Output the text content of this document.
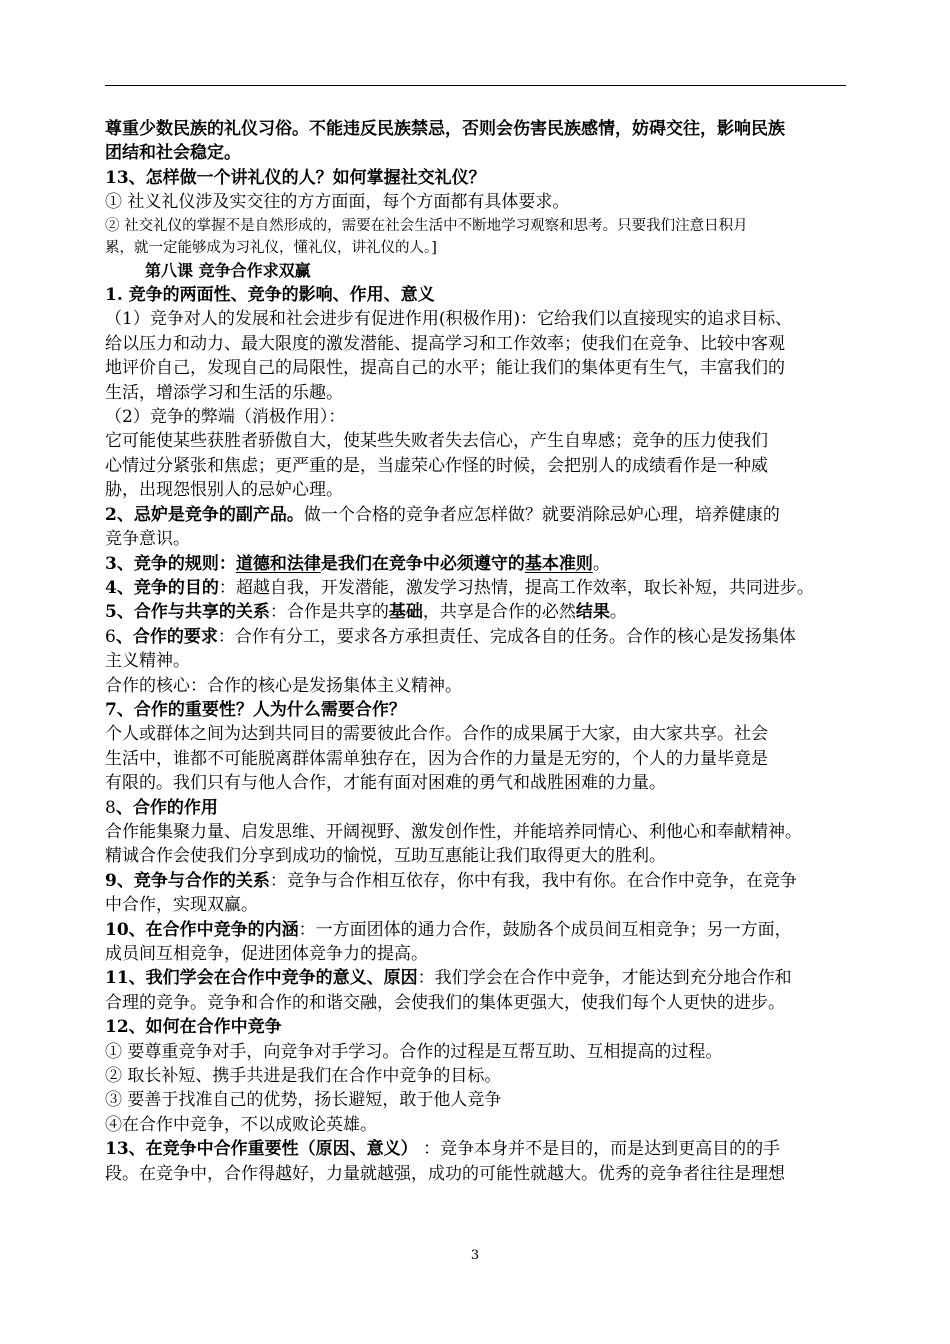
尊重少数民族的礼仪习俗。不能违反民族禁忌，否则会伤害民族感情，妨碍交往，影响民族
团结和社会稳定。
13、怎样做一个讲礼仪的人？如何掌握社交礼仪？
① 社义礼仪涉及实交往的方方面面，每个方面都有具体要求。
② 社交礼仪的掌握不是自然形成的，需要在社会生活中不断地学习观察和思考。只要我们注意日积月
累，就一定能够成为习礼仪，懂礼仪，讲礼仪的人。]
第八课 竞争合作求双赢
1. 竞争的两面性、竞争的影响、作用、意义
（1）竞争对人的发展和社会进步有促进作用(积极作用)：它给我们以直接现实的追求目标、
给以压力和动力、最大限度的激发潜能、提高学习和工作效率；使我们在竞争、比较中客观
地评价自己，发现自己的局限性，提高自己的水平；能让我们的集体更有生气，丰富我们的
生活，增添学习和生活的乐趣。
（2）竞争的弊端（消极作用）：
它可能使某些获胜者骄傲自大，使某些失败者失去信心，产生自卑感；竞争的压力使我们
心情过分紧张和焦虑；更严重的是，当虚荣心作怪的时候，会把别人的成绩看作是一种威
胁，出现怨恨别人的忌妒心理。
2、忌妒是竞争的副产品。做一个合格的竞争者应怎样做？就要消除忌妒心理，培养健康的
竞争意识。
3、竞争的规则：道德和法律是我们在竞争中必须遵守的基本准则。
4、竞争的目的：超越自我，开发潜能，激发学习热情，提高工作效率，取长补短，共同进步。
5、合作与共享的关系：合作是共享的基础，共享是合作的必然结果。
6、合作的要求：合作有分工，要求各方承担责任、完成各自的任务。合作的核心是发扬集体
主义精神。
合作的核心：合作的核心是发扬集体主义精神。
7、合作的重要性？人为什么需要合作？
个人或群体之间为达到共同目的需要彼此合作。合作的成果属于大家，由大家共享。社会
生活中，谁都不可能脱离群体需单独存在，因为合作的力量是无穷的，个人的力量毕竟是
有限的。我们只有与他人合作，才能有面对困难的勇气和战胜困难的力量。
8、合作的作用
合作能集聚力量、启发思维、开阔视野、激发创作性，并能培养同情心、利他心和奉献精神。
精诚合作会使我们分享到成功的愉悦，互助互惠能让我们取得更大的胜利。
9、竞争与合作的关系：竞争与合作相互依存，你中有我，我中有你。在合作中竞争，在竞争
中合作，实现双赢。
10、在合作中竞争的内涵：一方面团体的通力合作，鼓励各个成员间互相竞争；另一方面，
成员间互相竞争，促进团体竞争力的提高。
11、我们学会在合作中竞争的意义、原因：我们学会在合作中竞争，才能达到充分地合作和
合理的竞争。竞争和合作的和谐交融，会使我们的集体更强大，使我们每个人更快的进步。
12、如何在合作中竞争
① 要尊重竞争对手，向竞争对手学习。合作的过程是互帮互助、互相提高的过程。
② 取长补短、携手共进是我们在合作中竞争的目标。
③ 要善于找准自己的优势，扬长避短，敢于他人竞争
④在合作中竞争，不以成败论英雄。
13、在竞争中合作重要性（原因、意义） ：竞争本身并不是目的，而是达到更高目的的手
段。在竞争中，合作得越好，力量就越强，成功的可能性就越大。优秀的竞争者往往是理想
3
